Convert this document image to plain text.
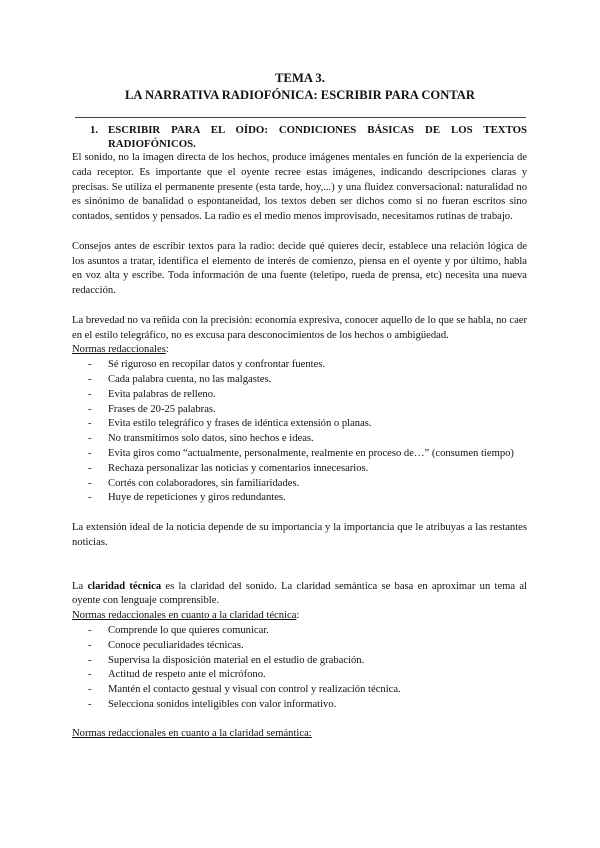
TEMA 3.
LA NARRATIVA RADIOFÓNICA: ESCRIBIR PARA CONTAR
1. ESCRIBIR PARA EL OÍDO: CONDICIONES BÁSICAS DE LOS TEXTOS RADIOFÓNICOS.

El sonido, no la imagen directa de los hechos, produce imágenes mentales en función de la experiencia de cada receptor. Es importante que el oyente recree estas imágenes, indicando descripciones claras y precisas. Se utiliza el permanente presente (esta tarde, hoy,...) y una fluidez conversacional: naturalidad no es sinónimo de banalidad o espontaneidad, los textos deben ser dichos como si no fueran escritos sino contados, sentidos y pensados. La radio es el medio menos improvisado, necesitamos rutinas de trabajo.

Consejos antes de escribir textos para la radio: decide qué quieres decir, establece una relación lógica de los asuntos a tratar, identifica el elemento de interés de comienzo, piensa en el oyente y por último, habla en voz alta y escribe. Toda información de una fuente (teletipo, rueda de prensa, etc) necesita una nueva redacción.

La brevedad no va reñida con la precisión: economía expresiva, conocer aquello de lo que se habla, no caer en el estilo telegráfico, no es excusa para desconocimientos de los hechos o ambigüedad.

Normas redaccionales:

-	Sé riguroso en recopilar datos y confrontar fuentes.
-	Cada palabra cuenta, no las malgastes.
-	Evita palabras de relleno.
-	Frases de 20-25 palabras.
-	Evita estilo telegráfico y frases de idéntica extensión o planas.
-	No transmitimos solo datos, sino hechos e ideas.
-	Evita giros como “actualmente, personalmente, realmente en proceso de…” (consumen tiempo)
-	Rechaza personalizar las noticias y comentarios innecesarios.
-	Cortés con colaboradores, sin familiaridades.
-	Huye de repeticiones y giros redundantes.

La extensión ideal de la noticia depende de su importancia y la importancia que le atribuyas a las restantes noticias.

La claridad técnica es la claridad del sonido. La claridad semántica se basa en aproximar un tema al oyente con lenguaje comprensible.

Normas redaccionales en cuanto a la claridad técnica:

-	Comprende lo que quieres comunicar.
-	Conoce peculiaridades técnicas.
-	Supervisa la disposición material en el estudio de grabación.
-	Actitud de respeto ante el micrófono.
-	Mantén el contacto gestual y visual con control y realización técnica.
-	Selecciona sonidos inteligibles con valor informativo.

Normas redaccionales en cuanto a la claridad semántica:
